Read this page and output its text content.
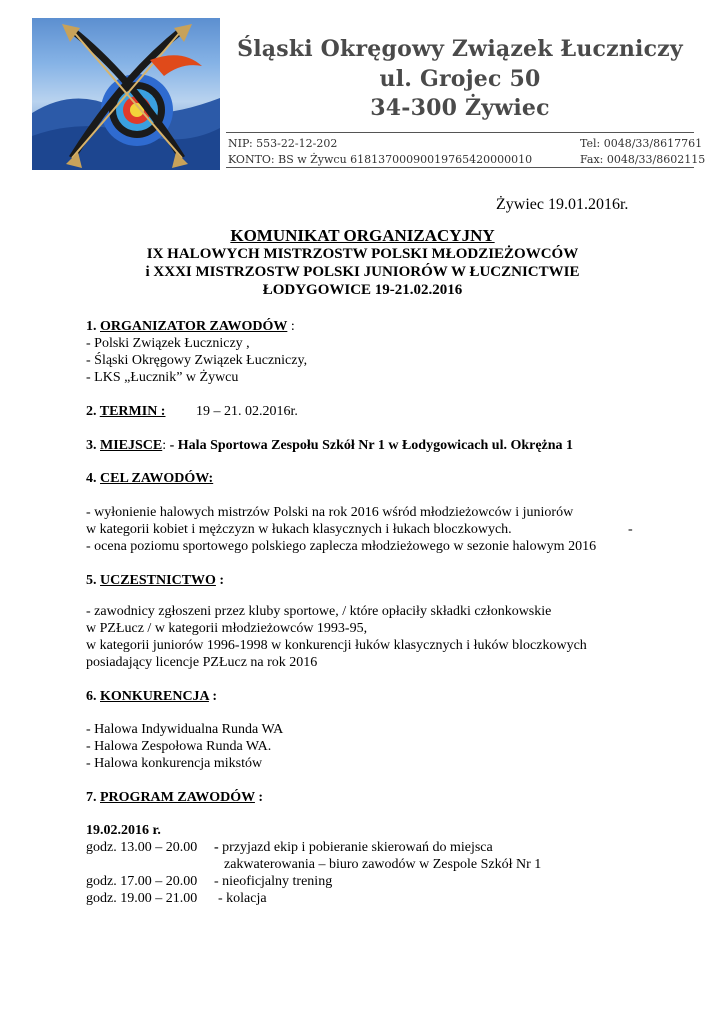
Śląski Okręgowy Związek Łuczniczy
ul. Grojec 50
34-300 Żywiec
NIP: 553-22-12-202
KONTO: BS w Żywcu 61813700090019765420000010
Tel: 0048/33/8617761
Fax: 0048/33/8602115
Żywiec 19.01.2016r.
KOMUNIKAT ORGANIZACYJNY
IX HALOWYCH MISTRZOSTW POLSKI MŁODZIEŻOWCÓW
i XXXI MISTRZOSTW POLSKI JUNIORÓW W ŁUCZNICTWIE
ŁODYGOWICE 19-21.02.2016
1. ORGANIZATOR ZAWODÓW :
- Polski Związek Łuczniczy ,
- Śląski Okręgowy Związek Łuczniczy,
- LKS „Łucznik” w Żywcu
2. TERMIN : 19 – 21. 02.2016r.
3. MIEJSCE: - Hala Sportowa Zespołu Szkół Nr 1 w Łodygowicach ul. Okrężna 1
4. CEL ZAWODÓW:
- wyłonienie halowych mistrzów Polski na rok 2016 wśród młodzieżowców i juniorów
w kategorii kobiet i mężczyzn w łukach klasycznych i łukach bloczkowych.	-
- ocena poziomu sportowego polskiego zaplecza młodzieżowego w sezonie halowym 2016
5. UCZESTNICTWO :
- zawodnicy zgłoszeni przez kluby sportowe, / które opłaciły składki członkowskie
w PZŁucz / w kategorii młodzieżowców 1993-95,
w kategorii juniorów 1996-1998 w konkurencji łuków klasycznych i łuków bloczkowych
posiadający licencje PZŁucz na rok 2016
6. KONKURENCJA :
- Halowa Indywidualna Runda WA
- Halowa Zespołowa Runda WA.
- Halowa konkurencja mikstów
7. PROGRAM ZAWODÓW :
19.02.2016 r.
godz. 13.00 – 20.00 - przyjazd ekip i pobieranie skierowań do miejsca
zakwaterowania – biuro zawodów w Zespole Szkół Nr 1
godz. 17.00 – 20.00 - nieoficjalny trening
godz. 19.00 – 21.00 - kolacja
